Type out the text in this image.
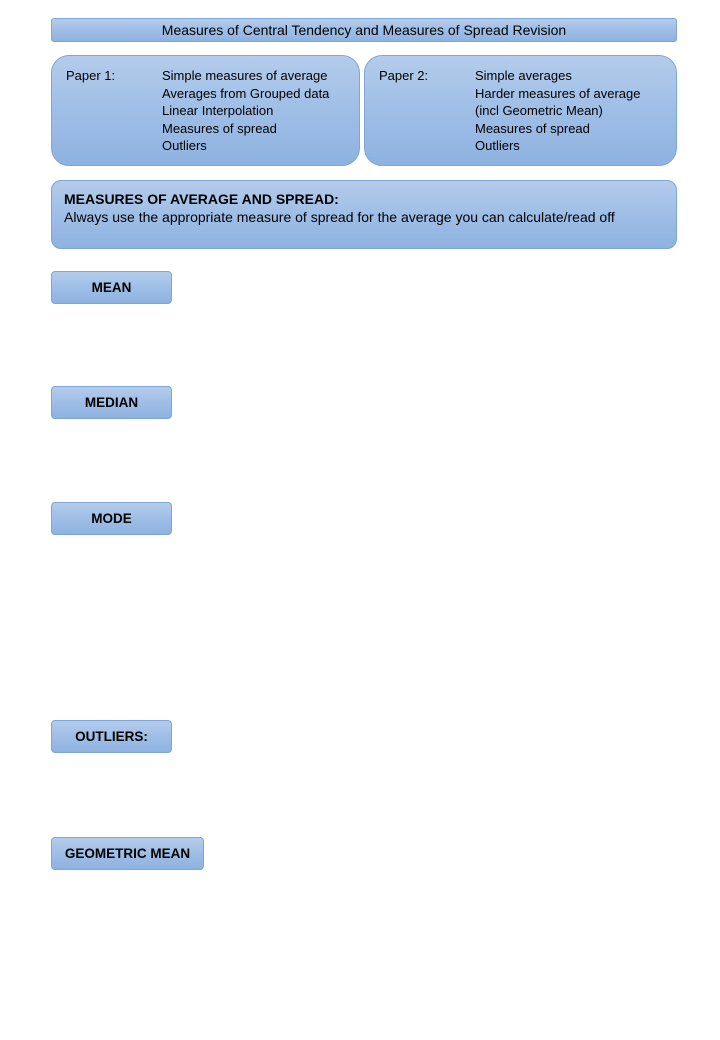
Measures of Central Tendency and Measures of Spread Revision
Paper 1:	Simple measures of average
Averages from Grouped data
Linear Interpolation
Measures of spread
Outliers
Paper 2:	Simple averages
Harder measures of average
(incl Geometric Mean)
Measures of spread
Outliers
MEASURES OF AVERAGE AND SPREAD:
Always use the appropriate measure of spread for the average you can calculate/read off
MEAN
MEDIAN
MODE
OUTLIERS:
GEOMETRIC MEAN
